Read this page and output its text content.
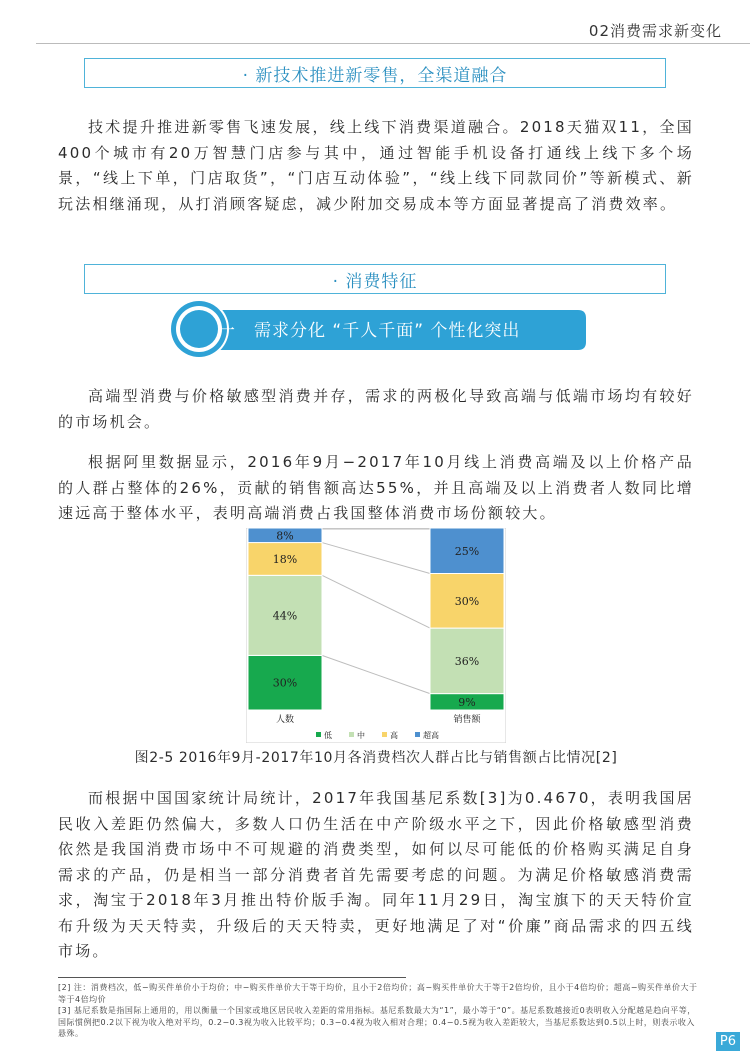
02消费需求新变化
· 新技术推进新零售，全渠道融合

技术提升推进新零售飞速发展，线上线下消费渠道融合。2018天猫双11，全国400个城市有20万智慧门店参与其中，通过智能手机设备打通线上线下多个场景，“线上下单，门店取货”，“门店互动体验”，“线上线下同款同价”等新模式、新玩法相继涌现，从打消顾客疑虑，减少附加交易成本等方面显著提高了消费效率。

· 消费特征
一　需求分化 “千人千面” 个性化突出

高端型消费与价格敏感型消费并存，需求的两极化导致高端与低端市场均有较好的市场机会。

根据阿里数据显示，2016年9月−2017年10月线上消费高端及以上价格产品的人群占整体的26%，贡献的销售额高达55%，并且高端及以上消费者人数同比增速远高于整体水平，表明高端消费占我国整体消费市场份额较大。

30%
44%
18%
8%
9%
36%
30%
25%
人数	销售额
低	中	高	超高
图2-5 2016年9月-2017年10月各消费档次人群占比与销售额占比情况[2]

而根据中国国家统计局统计，2017年我国基尼系数[3]为0.4670，表明我国居民收入差距仍然偏大，多数人口仍生活在中产阶级水平之下，因此价格敏感型消费依然是我国消费市场中不可规避的消费类型，如何以尽可能低的价格购买满足自身需求的产品，仍是相当一部分消费者首先需要考虑的问题。为满足价格敏感消费需求，淘宝于2018年3月推出特价版手淘。同年11月29日，淘宝旗下的天天特价宣布升级为天天特卖，升级后的天天特卖，更好地满足了对“价廉”商品需求的四五线市场。

[2] 注：消费档次，低−购买件单价小于均价；中−购买件单价大于等于均价，且小于2倍均价；高−购买件单价大于等于2倍均价，且小于4倍均价；超高−购买件单价大于等于4倍均价

[3] 基尼系数是指国际上通用的，用以衡量一个国家或地区居民收入差距的常用指标。基尼系数最大为“1”，最小等于“0”。基尼系数越接近0表明收入分配越是趋向平等，国际惯例把0.2以下视为收入绝对平均，0.2−0.3视为收入比较平均；0.3−0.4视为收入相对合理；0.4−0.5视为收入差距较大，当基尼系数达到0.5以上时，则表示收入悬殊。

P6
